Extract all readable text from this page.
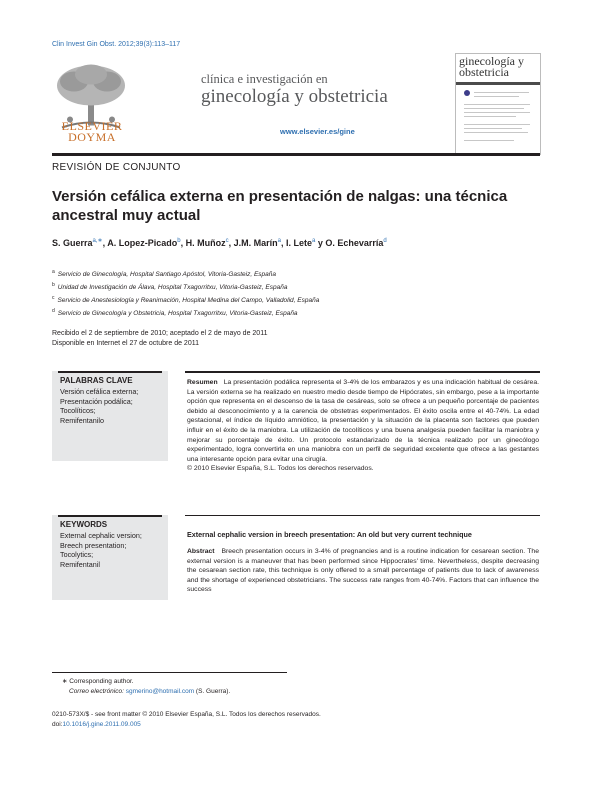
Clin Invest Gin Obst. 2012;39(3):113–117
ELSEVIER
DOYMA
clínica e investigación en
ginecología y obstetricia
www.elsevier.es/gine
ginecología y obstetricia
REVISIÓN DE CONJUNTO
Versión cefálica externa en presentación de nalgas: una técnica ancestral muy actual
S. Guerra$^{a,∗}$, A. Lopez-Picado$^b$, H. Muñoz$^c$, J.M. Marín$^a$, I. Lete$^a$ y O. Echevarría$^d$
$^a$ Servicio de Ginecología, Hospital Santiago Apóstol, Vitoria-Gasteiz, España
$^b$ Unidad de Investigación de Álava, Hospital Txagorritxu, Vitoria-Gasteiz, España
$^c$ Servicio de Anestesiología y Reanimación, Hospital Medina del Campo, Valladolid, España
$^d$ Servicio de Ginecología y Obstetricia, Hospital Txagorritxu, Vitoria-Gasteiz, España
Recibido el 2 de septiembre de 2010; aceptado el 2 de mayo de 2011
Disponible en Internet el 27 de octubre de 2011
PALABRAS CLAVE
Versión cefálica externa;
Presentación podálica;
Tocolíticos;
Remifentanilo
Resumen La presentación podálica representa el 3-4% de los embarazos y es una indicación habitual de cesárea. La versión externa se ha realizado en nuestro medio desde tiempo de Hipócrates, sin embargo, pese a la importante opción que representa en el descenso de la tasa de cesáreas, solo se ofrece a un pequeño porcentaje de pacientes debido al desconocimiento y a la carencia de obstetras experimentados. El éxito oscila entre el 40-74%. La edad gestacional, el índice de líquido amniótico, la presentación y la situación de la placenta son factores que pueden influir en el éxito de la maniobra. La utilización de tocolíticos y una buena analgesia pueden facilitar la maniobra y mejorar su porcentaje de éxito. Un protocolo estandarizado de la técnica realizado por un ginecólogo experimentado, logra convertirla en una maniobra con un perfil de seguridad excelente que ofrece a las gestantes una interesante opción para evitar una cirugía.
© 2010 Elsevier España, S.L. Todos los derechos reservados.
KEYWORDS
External cephalic version;
Breech presentation;
Tocolytics;
Remifentanil
External cephalic version in breech presentation: An old but very current technique
Abstract Breech presentation occurs in 3-4% of pregnancies and is a routine indication for cesarean section. The external version is a maneuver that has been performed since Hippocrates' time. Nevertheless, despite decreasing the cesarean section rate, this technique is only offered to a small percentage of patients due to lack of awareness and the shortage of experienced obstetricians. The success rate ranges from 40-74%. Factors that can influence the success
∗ Corresponding author.
Correo electrónico: sgmerino@hotmail.com (S. Guerra).
0210-573X/$ - see front matter © 2010 Elsevier España, S.L. Todos los derechos reservados.
doi:10.1016/j.gine.2011.09.005
